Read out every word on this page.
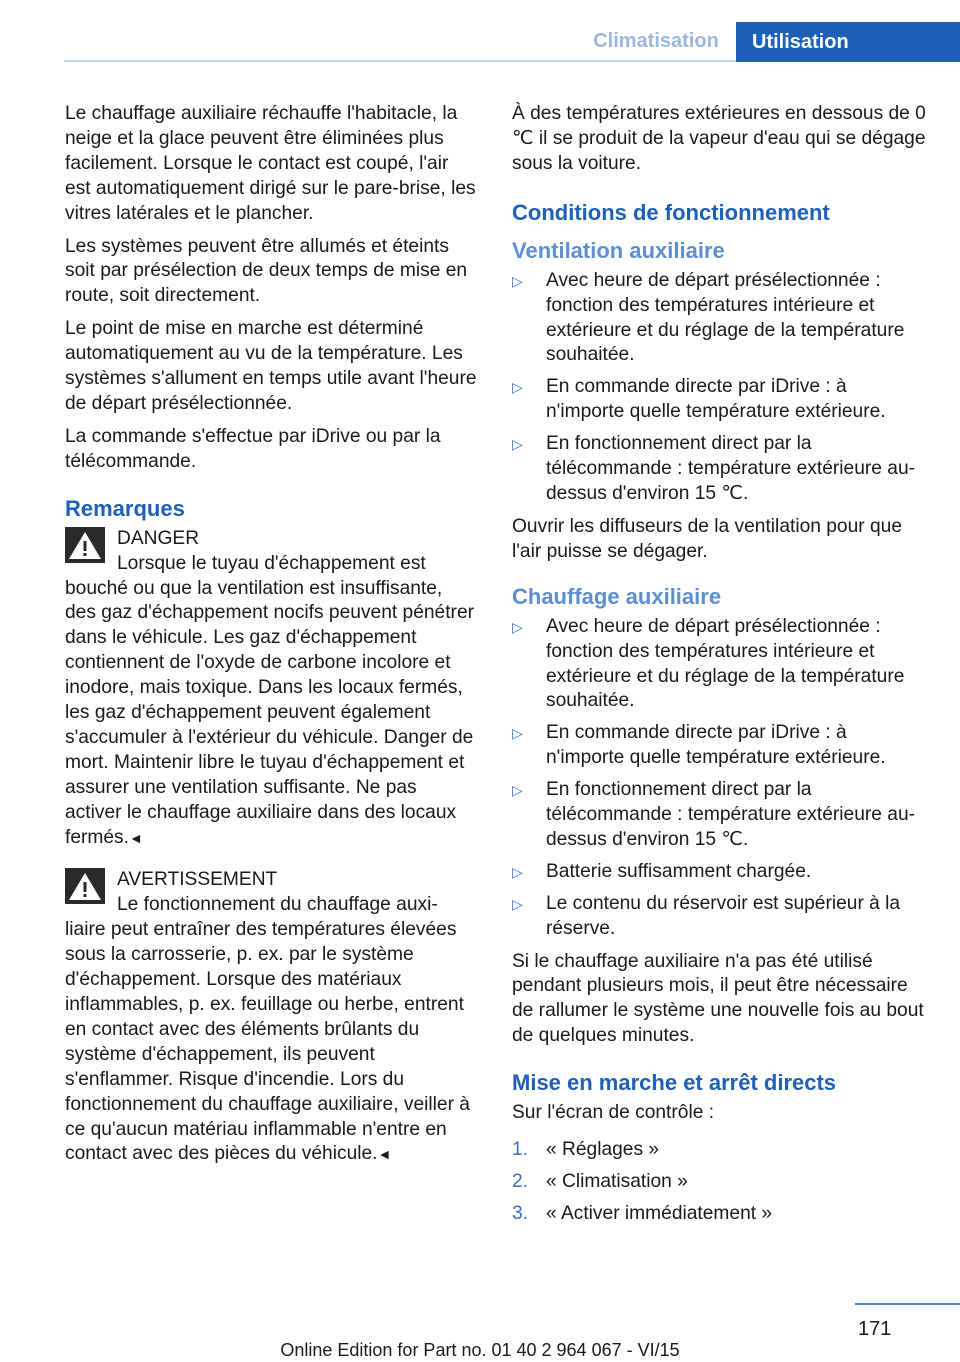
Climatisation	Utilisation

Le chauffage auxiliaire réchauffe l'habitacle, la neige et la glace peuvent être éliminées plus facilement. Lorsque le contact est coupé, l'air est automatiquement dirigé sur le pare-brise, les vitres latérales et le plancher.

Les systèmes peuvent être allumés et éteints soit par présélection de deux temps de mise en route, soit directement.

Le point de mise en marche est déterminé automatiquement au vu de la température. Les systèmes s'allument en temps utile avant l'heure de départ présélectionnée.

La commande s'effectue par iDrive ou par la télécommande.

Remarques
DANGER
Lorsque le tuyau d'échappement est
bouché ou que la ventilation est insuffisante, des gaz d'échappement nocifs peuvent pénétrer dans le véhicule. Les gaz d'échappement contiennent de l'oxyde de carbone incolore et inodore, mais toxique. Dans les locaux fermés, les gaz d'échappement peuvent également s'accumuler à l'extérieur du véhicule. Danger de mort. Maintenir libre le tuyau d'échappement et assurer une ventilation suffisante. Ne pas activer le chauffage auxiliaire dans des locaux fermés.◄
AVERTISSEMENT
Le fonctionnement du chauffage auxi-
liaire peut entraîner des températures élevées sous la carrosserie, p. ex. par le système d'échappement. Lorsque des matériaux inflammables, p. ex. feuillage ou herbe, entrent en contact avec des éléments brûlants du système d'échappement, ils peuvent s'enflammer. Risque d'incendie. Lors du fonctionnement du chauffage auxiliaire, veiller à ce qu'aucun matériau inflammable n'entre en contact avec des pièces du véhicule.◄

À des températures extérieures en dessous de 0 ℃ il se produit de la vapeur d'eau qui se dégage sous la voiture.

Conditions de fonctionnement
Ventilation auxiliaire
▷ Avec heure de départ présélectionnée : fonction des températures intérieure et extérieure et du réglage de la température souhaitée.
▷ En commande directe par iDrive : à n'importe quelle température extérieure.
▷ En fonctionnement direct par la télécommande : température extérieure au-dessus d'environ 15 ℃.

Ouvrir les diffuseurs de la ventilation pour que l'air puisse se dégager.

Chauffage auxiliaire
▷ Avec heure de départ présélectionnée : fonction des températures intérieure et extérieure et du réglage de la température souhaitée.
▷ En commande directe par iDrive : à n'importe quelle température extérieure.
▷ En fonctionnement direct par la télécommande : température extérieure au-dessus d'environ 15 ℃.
▷ Batterie suffisamment chargée.
▷ Le contenu du réservoir est supérieur à la réserve.

Si le chauffage auxiliaire n'a pas été utilisé pendant plusieurs mois, il peut être nécessaire de rallumer le système une nouvelle fois au bout de quelques minutes.

Mise en marche et arrêt directs

Sur l'écran de contrôle :

1. « Réglages »
2. « Climatisation »
3. « Activer immédiatement »
171
Online Edition for Part no. 01 40 2 964 067 - VI/15
